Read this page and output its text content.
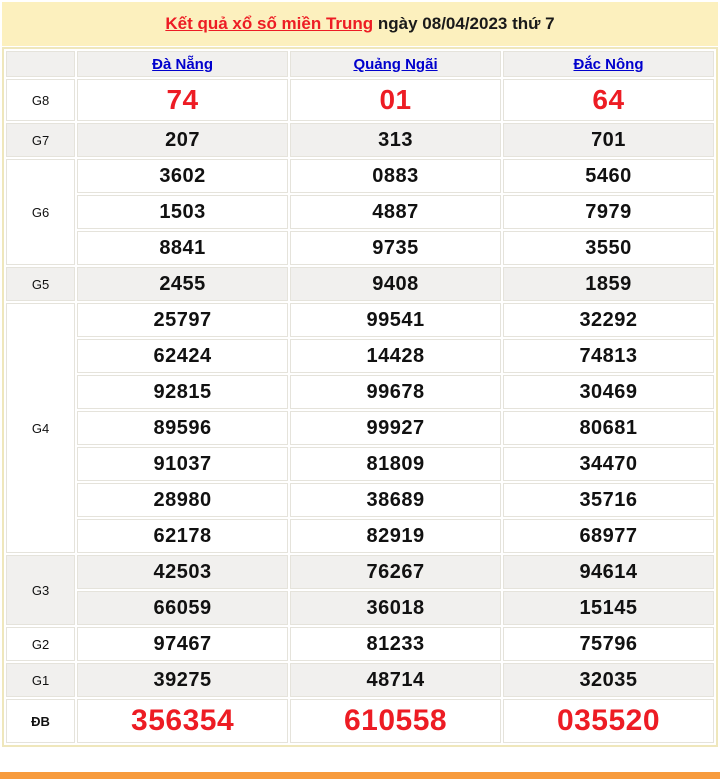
Kết quả xổ số miền Trung ngày 08/04/2023 thứ 7
	Đà Nẵng	Quảng Ngãi	Đắc Nông
G8	74	01	64
G7	207	313	701
G6	3602	0883	5460
	1503	4887	7979
	8841	9735	3550
G5	2455	9408	1859
G4	25797	99541	32292
	62424	14428	74813
	92815	99678	30469
	89596	99927	80681
	91037	81809	34470
	28980	38689	35716
	62178	82919	68977
G3	42503	76267	94614
	66059	36018	15145
G2	97467	81233	75796
G1	39275	48714	32035
ĐB	356354	610558	035520
